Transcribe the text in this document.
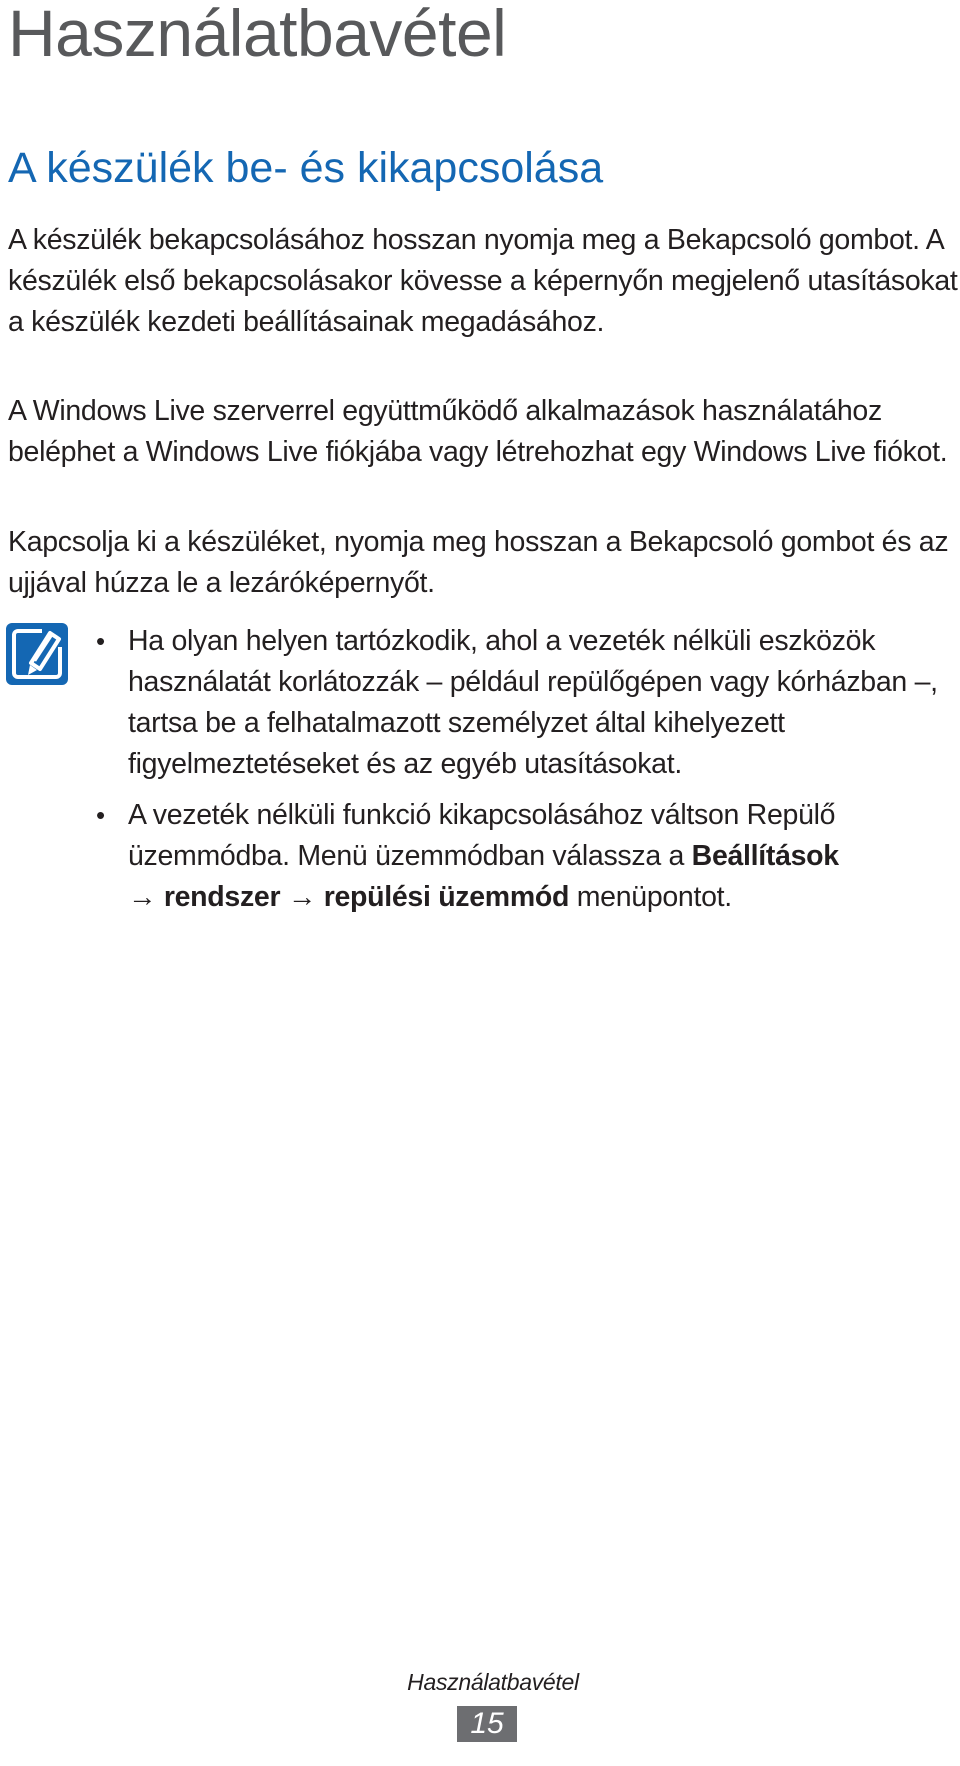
Használatbavétel
A készülék be- és kikapcsolása

A készülék bekapcsolásához hosszan nyomja meg a Bekapcsoló gombot. A készülék első bekapcsolásakor kövesse a képernyőn megjelenő utasításokat a készülék kezdeti beállításainak megadásához.

A Windows Live szerverrel együttműködő alkalmazások használatához beléphet a Windows Live fiókjába vagy létrehozhat egy Windows Live fiókot.

Kapcsolja ki a készüléket, nyomja meg hosszan a Bekapcsoló gombot és az ujjával húzza le a lezáróképernyőt.

• Ha olyan helyen tartózkodik, ahol a vezeték nélküli eszközök használatát korlátozzák – például repülőgépen vagy kórházban –, tartsa be a felhatalmazott személyzet által kihelyezett figyelmeztetéseket és az egyéb utasításokat.
• A vezeték nélküli funkció kikapcsolásához váltson Repülő üzemmódba. Menü üzemmódban válassza a Beállítások
→ rendszer → repülési üzemmód menüpontot.
Használatbavétel
15
